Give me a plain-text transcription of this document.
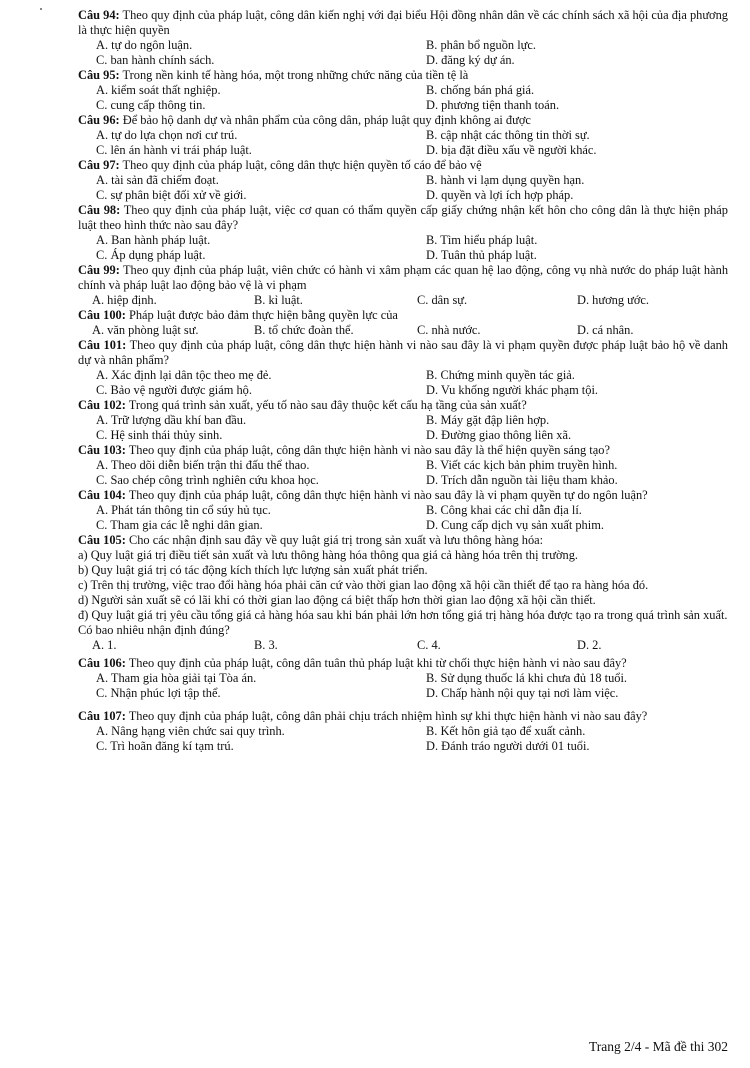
Câu 94: Theo quy định của pháp luật, công dân kiến nghị với đại biểu Hội đồng nhân dân về các chính sách xã hội của địa phương là thực hiện quyền

A. tự do ngôn luận.	B. phân bổ nguồn lực.
C. ban hành chính sách.	D. đăng ký dự án.

Câu 95: Trong nền kinh tế hàng hóa, một trong những chức năng của tiền tệ là

A. kiểm soát thất nghiệp.	B. chống bán phá giá.
C. cung cấp thông tin.	D. phương tiện thanh toán.

Câu 96: Để bảo hộ danh dự và nhân phẩm của công dân, pháp luật quy định không ai được

A. tự do lựa chọn nơi cư trú.	B. cập nhật các thông tin thời sự.
C. lên án hành vi trái pháp luật.	D. bịa đặt điều xấu về người khác.

Câu 97: Theo quy định của pháp luật, công dân thực hiện quyền tố cáo để bảo vệ

A. tài sản đã chiếm đoạt.	B. hành vi lạm dụng quyền hạn.
C. sự phân biệt đối xử về giới.	D. quyền và lợi ích hợp pháp.

Câu 98: Theo quy định của pháp luật, việc cơ quan có thẩm quyền cấp giấy chứng nhận kết hôn cho công dân là thực hiện pháp luật theo hình thức nào sau đây?

A. Ban hành pháp luật.	B. Tìm hiểu pháp luật.
C. Áp dụng pháp luật.	D. Tuân thủ pháp luật.

Câu 99: Theo quy định của pháp luật, viên chức có hành vi xâm phạm các quan hệ lao động, công vụ nhà nước do pháp luật hành chính và pháp luật lao động bảo vệ là vi phạm

A. hiệp định.	B. kỉ luật.	C. dân sự.	D. hương ước.

Câu 100: Pháp luật được bảo đảm thực hiện bằng quyền lực của

A. văn phòng luật sư.	B. tổ chức đoàn thể.	C. nhà nước.	D. cá nhân.

Câu 101: Theo quy định của pháp luật, công dân thực hiện hành vi nào sau đây là vi phạm quyền được pháp luật bảo hộ về danh dự và nhân phẩm?

A. Xác định lại dân tộc theo mẹ đẻ.	B. Chứng minh quyền tác giả.
C. Bảo vệ người được giám hộ.	D. Vu khống người khác phạm tội.

Câu 102: Trong quá trình sản xuất, yếu tố nào sau đây thuộc kết cấu hạ tầng của sản xuất?

A. Trữ lượng dầu khí ban đầu.	B. Máy gặt đập liên hợp.
C. Hệ sinh thái thủy sinh.	D. Đường giao thông liên xã.

Câu 103: Theo quy định của pháp luật, công dân thực hiện hành vi nào sau đây là thể hiện quyền sáng tạo?

A. Theo dõi diễn biến trận thi đấu thể thao.	B. Viết các kịch bản phim truyền hình.
C. Sao chép công trình nghiên cứu khoa học.	D. Trích dẫn nguồn tài liệu tham khảo.

Câu 104: Theo quy định của pháp luật, công dân thực hiện hành vi nào sau đây là vi phạm quyền tự do ngôn luận?

A. Phát tán thông tin cổ súy hủ tục.	B. Công khai các chỉ dẫn địa lí.
C. Tham gia các lễ nghi dân gian.	D. Cung cấp dịch vụ sản xuất phim.

Câu 105: Cho các nhận định sau đây về quy luật giá trị trong sản xuất và lưu thông hàng hóa:

a) Quy luật giá trị điều tiết sản xuất và lưu thông hàng hóa thông qua giá cả hàng hóa trên thị trường.

b) Quy luật giá trị có tác động kích thích lực lượng sản xuất phát triển.

c) Trên thị trường, việc trao đổi hàng hóa phải căn cứ vào thời gian lao động xã hội cần thiết để tạo ra hàng hóa đó.

d) Người sản xuất sẽ có lãi khi có thời gian lao động cá biệt thấp hơn thời gian lao động xã hội cần thiết.

đ) Quy luật giá trị yêu cầu tổng giá cả hàng hóa sau khi bán phải lớn hơn tổng giá trị hàng hóa được tạo ra trong quá trình sản xuất.

Có bao nhiêu nhận định đúng?

A. 1.	B. 3.	C. 4.	D. 2.

Câu 106: Theo quy định của pháp luật, công dân tuân thủ pháp luật khi từ chối thực hiện hành vi nào sau đây?

A. Tham gia hòa giải tại Tòa án.	B. Sử dụng thuốc lá khi chưa đủ 18 tuổi.
C. Nhận phúc lợi tập thể.	D. Chấp hành nội quy tại nơi làm việc.

Câu 107: Theo quy định của pháp luật, công dân phải chịu trách nhiệm hình sự khi thực hiện hành vi nào sau đây?

A. Nâng hạng viên chức sai quy trình.	B. Kết hôn giả tạo để xuất cảnh.
C. Trì hoãn đăng kí tạm trú.	D. Đánh tráo người dưới 01 tuổi.
Trang 2/4 - Mã đề thi 302
